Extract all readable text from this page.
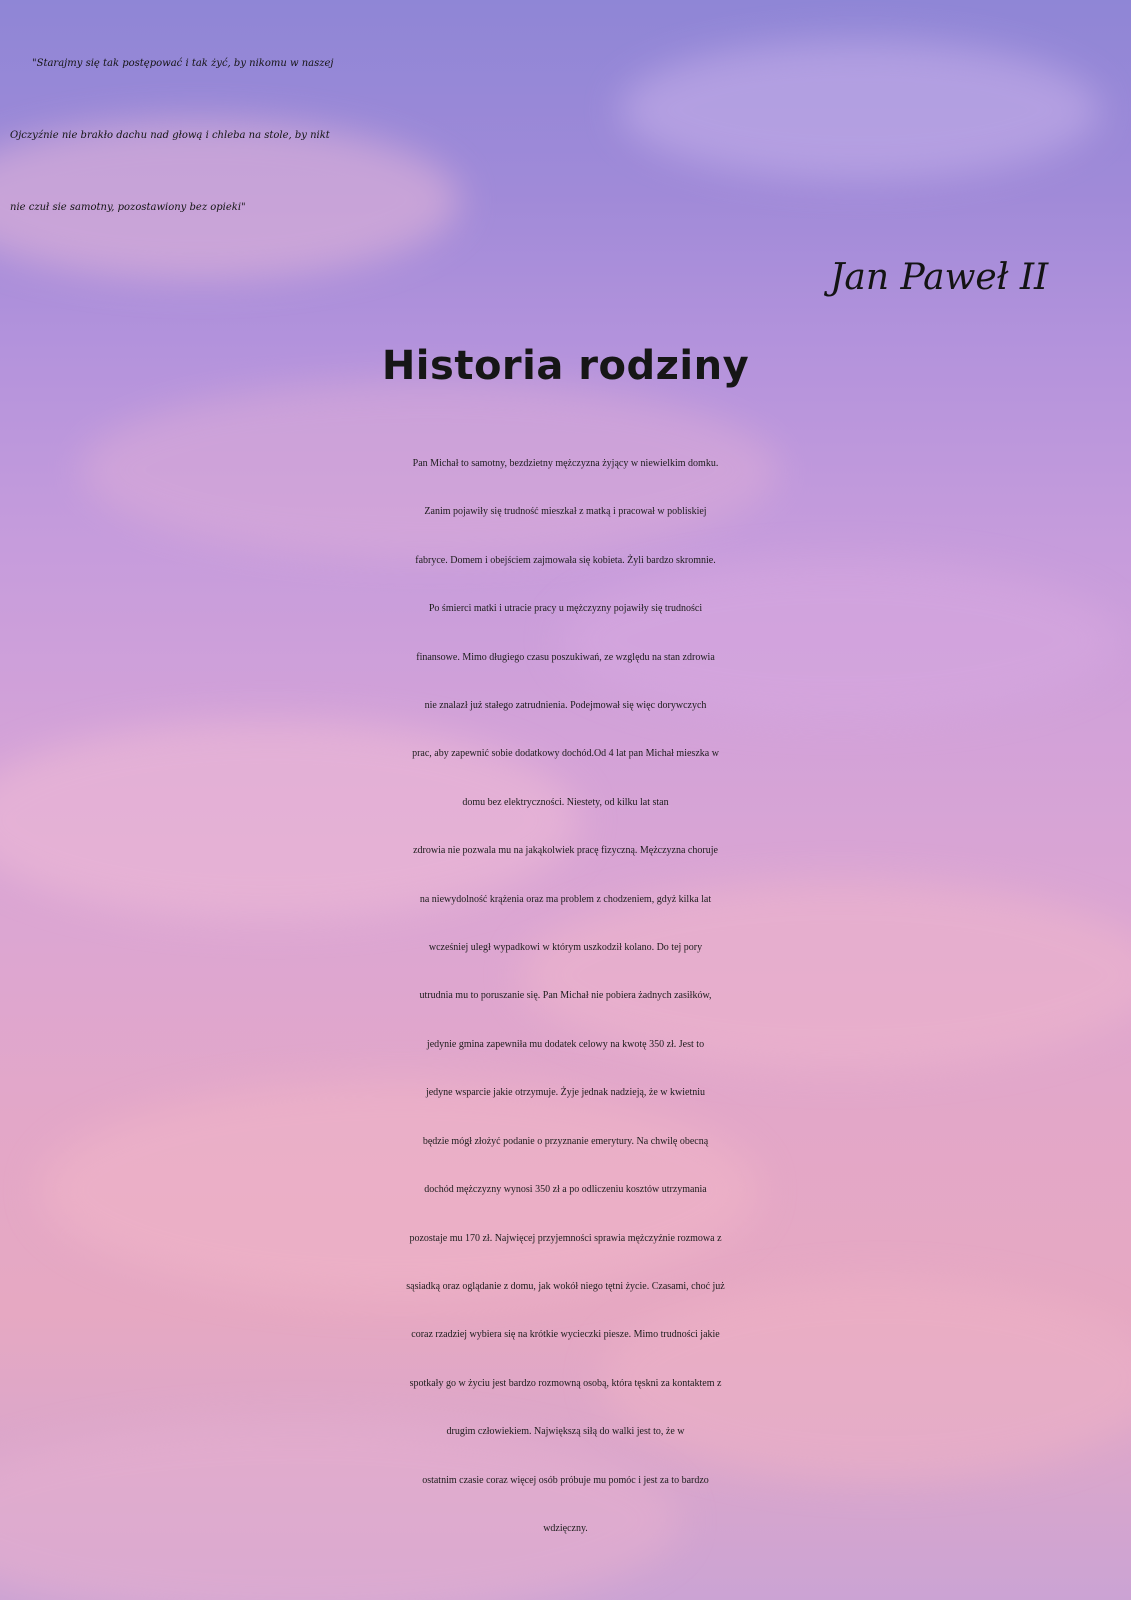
"Starajmy się tak postępować i tak żyć, by nikomu w naszej
Ojczyźnie nie brakło dachu nad głową i chleba na stole, by nikt
nie czuł sie samotny, pozostawiony bez opieki"
Jan Paweł II
Historia rodziny

Pan Michał to samotny, bezdzietny mężczyzna żyjący w niewielkim domku.
Zanim pojawiły się trudność mieszkał z matką i pracował w pobliskiej
fabryce. Domem i obejściem zajmowała się kobieta. Żyli bardzo skromnie.
Po śmierci matki i utracie pracy u mężczyzny pojawiły się trudności
finansowe. Mimo długiego czasu poszukiwań, ze względu na stan zdrowia
nie znalazł już stałego zatrudnienia. Podejmował się więc dorywczych
prac, aby zapewnić sobie dodatkowy dochód.Od 4 lat pan Michał mieszka w
domu bez elektryczności. Niestety, od kilku lat stan
zdrowia nie pozwala mu na jakąkolwiek pracę fizyczną. Mężczyzna choruje
na niewydolność krążenia oraz ma problem z chodzeniem, gdyż kilka lat
wcześniej uległ wypadkowi w którym uszkodził kolano. Do tej pory
utrudnia mu to poruszanie się. Pan Michał nie pobiera żadnych zasiłków,
jedynie gmina zapewniła mu dodatek celowy na kwotę 350 zł. Jest to
jedyne wsparcie jakie otrzymuje. Żyje jednak nadzieją, że w kwietniu
będzie mógł złożyć podanie o przyznanie emerytury. Na chwilę obecną
dochód mężczyzny wynosi 350 zł a po odliczeniu kosztów utrzymania
pozostaje mu 170 zł. Najwięcej przyjemności sprawia mężczyźnie rozmowa z
sąsiadką oraz oglądanie z domu, jak wokół niego tętni życie. Czasami, choć już
coraz rzadziej wybiera się na krótkie wycieczki piesze. Mimo trudności jakie
spotkały go w życiu jest bardzo rozmowną osobą, która tęskni za kontaktem z
drugim człowiekiem. Największą siłą do walki jest to, że w
ostatnim czasie coraz więcej osób próbuje mu pomóc i jest za to bardzo
wdzięczny.
